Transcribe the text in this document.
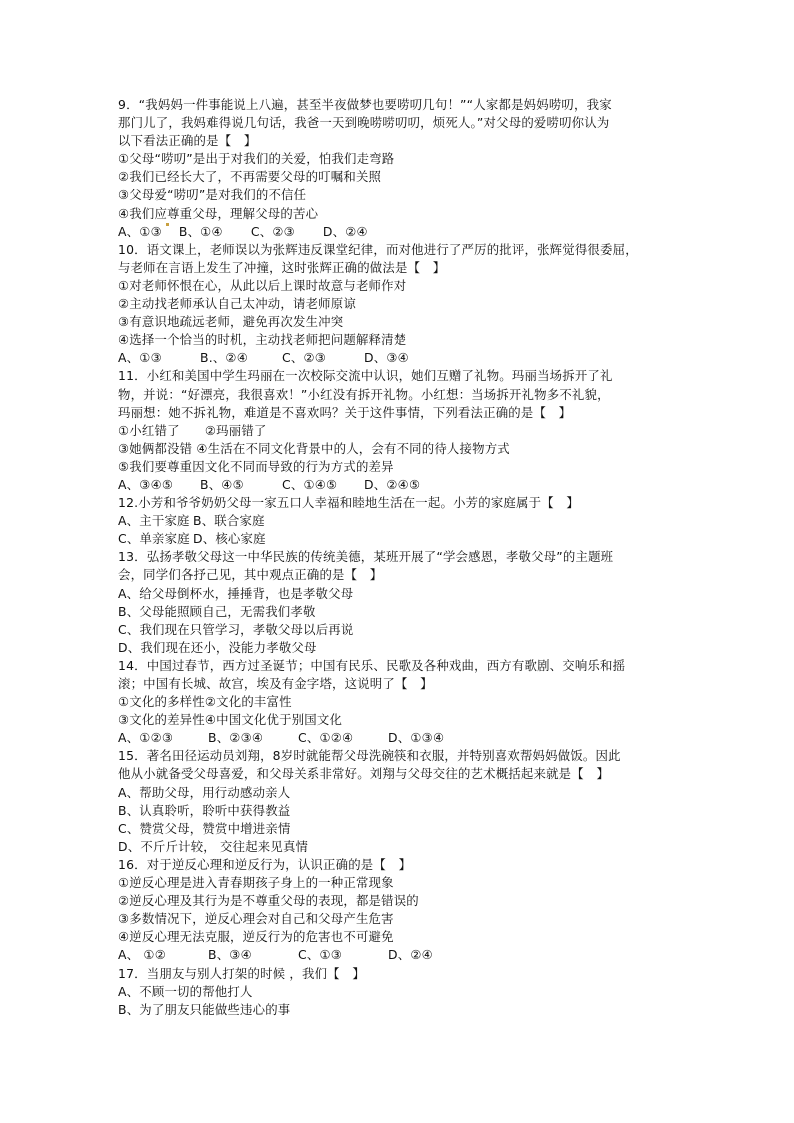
9．“我妈妈一件事能说上八遍，甚至半夜做梦也要唠叨几句！”“人家都是妈妈唠叨，我家
那门儿了，我妈难得说几句话，我爸一天到晚唠唠叨叨，烦死人。”对父母的爱唠叨你认为
以下看法正确的是【　】
①父母“唠叨”是出于对我们的关爱，怕我们走弯路
②我们已经长大了，不再需要父母的叮嘱和关照
③父母爱“唠叨”是对我们的不信任
④我们应尊重父母，理解父母的苦心
A、①③ B、①④	C、②③	D、②④
10．语文课上，老师误以为张辉违反课堂纪律，而对他进行了严厉的批评，张辉觉得很委屈，
与老师在言语上发生了冲撞，这时张辉正确的做法是【　】
①对老师怀恨在心，从此以后上课时故意与老师作对
②主动找老师承认自己太冲动，请老师原谅
③有意识地疏远老师，避免再次发生冲突
④选择一个恰当的时机，主动找老师把问题解释清楚
A、①③	B.、②④	C、②③	D、③④
11．小红和美国中学生玛丽在一次校际交流中认识，她们互赠了礼物。玛丽当场拆开了礼
物，并说：“好漂亮，我很喜欢！”小红没有拆开礼物。小红想：当场拆开礼物多不礼貌，
玛丽想：她不拆礼物，难道是不喜欢吗？关于这件事情，下列看法正确的是【　】
①小红错了　　②玛丽错了
③她俩都没错 ④生活在不同文化背景中的人，会有不同的待人接物方式
⑤我们要尊重因文化不同而导致的行为方式的差异
A、③④⑤	B、④⑤	C、①④⑤	D、②④⑤
12.小芳和爷爷奶奶父母一家五口人幸福和睦地生活在一起。小芳的家庭属于【　】
A、主干家庭 B、联合家庭
C、单亲家庭 D、核心家庭
13．弘扬孝敬父母这一中华民族的传统美德，某班开展了“学会感恩，孝敬父母”的主题班
会，同学们各抒己见，其中观点正确的是【　】
A、给父母倒杯水，捶捶背，也是孝敬父母
B、父母能照顾自己，无需我们孝敬
C、我们现在只管学习，孝敬父母以后再说
D、我们现在还小，没能力孝敬父母
14．中国过春节，西方过圣诞节；中国有民乐、民歌及各种戏曲，西方有歌剧、交响乐和摇
滚；中国有长城、故宫，埃及有金字塔，这说明了【　】
①文化的多样性②文化的丰富性
③文化的差异性④中国文化优于别国文化
A、①②③	B、②③④	C、①②④	D、①③④
15．著名田径运动员刘翔，8岁时就能帮父母洗碗筷和衣服，并特别喜欢帮妈妈做饭。因此
他从小就备受父母喜爱，和父母关系非常好。刘翔与父母交往的艺术概括起来就是【　】
A、帮助父母，用行动感动亲人
B、认真聆听，聆听中获得教益
C、赞赏父母，赞赏中增进亲情
D、不斤斤计较， 交往起来见真情
16．对于逆反心理和逆反行为，认识正确的是【　】
①逆反心理是进入青春期孩子身上的一种正常现象
②逆反心理及其行为是不尊重父母的表现，都是错误的
③多数情况下，逆反心理会对自己和父母产生危害
④逆反心理无法克服，逆反行为的危害也不可避免
A、 ①②	B、③④	C、①③	D、②④
17．当朋友与别人打架的时候 ，我们【　】
A、不顾一切的帮他打人
B、为了朋友只能做些违心的事
